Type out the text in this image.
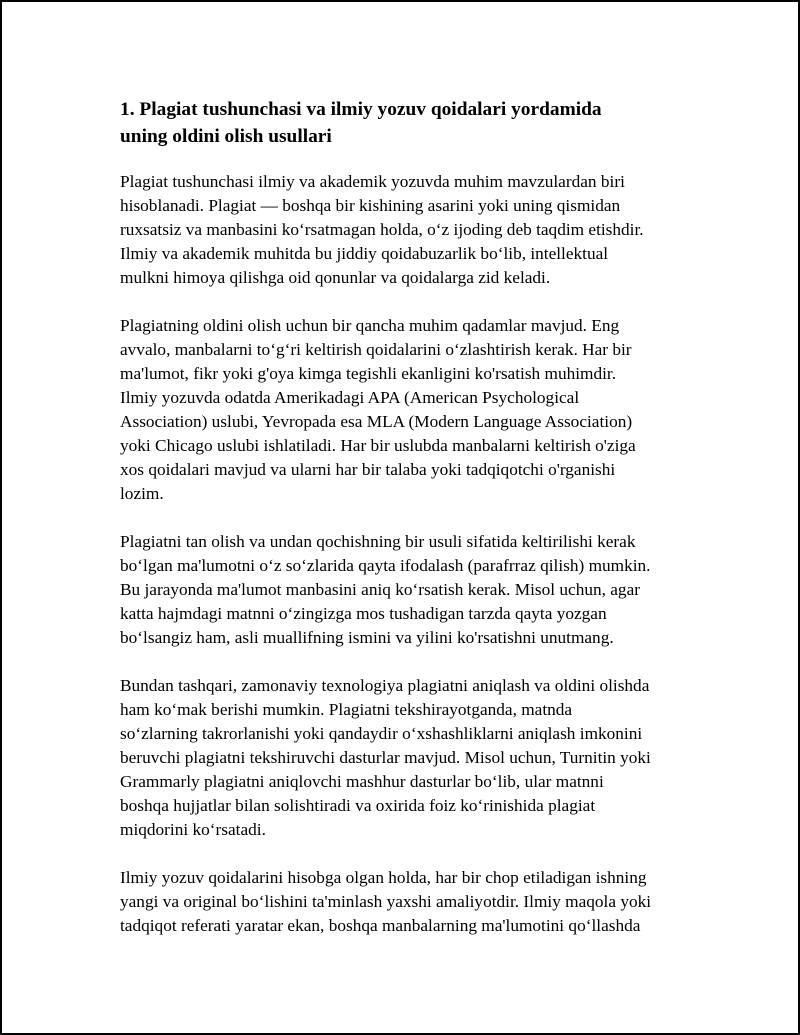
1. Plagiat tushunchasi va ilmiy yozuv qoidalari yordamida
uning oldini olish usullari

Plagiat tushunchasi ilmiy va akademik yozuvda muhim mavzulardan biri
hisoblanadi. Plagiat — boshqa bir kishining asarini yoki uning qismidan
ruxsatsiz va manbasini koʻrsatmagan holda, oʻz ijoding deb taqdim etishdir.
Ilmiy va akademik muhitda bu jiddiy qoidabuzarlik boʻlib, intellektual
mulkni himoya qilishga oid qonunlar va qoidalarga zid keladi.

Plagiatning oldini olish uchun bir qancha muhim qadamlar mavjud. Eng
avvalo, manbalarni toʻgʻri keltirish qoidalarini oʻzlashtirish kerak. Har bir
ma'lumot, fikr yoki g'oya kimga tegishli ekanligini ko'rsatish muhimdir.
Ilmiy yozuvda odatda Amerikadagi APA (American Psychological
Association) uslubi, Yevropada esa MLA (Modern Language Association)
yoki Chicago uslubi ishlatiladi. Har bir uslubda manbalarni keltirish o'ziga
xos qoidalari mavjud va ularni har bir talaba yoki tadqiqotchi o'rganishi
lozim.

Plagiatni tan olish va undan qochishning bir usuli sifatida keltirilishi kerak
boʻlgan ma'lumotni oʻz soʻzlarida qayta ifodalash (parafrraz qilish) mumkin.
Bu jarayonda ma'lumot manbasini aniq koʻrsatish kerak. Misol uchun, agar
katta hajmdagi matnni oʻzingizga mos tushadigan tarzda qayta yozgan
boʻlsangiz ham, asli muallifning ismini va yilini ko'rsatishni unutmang.

Bundan tashqari, zamonaviy texnologiya plagiatni aniqlash va oldini olishda
ham koʻmak berishi mumkin. Plagiatni tekshirayotganda, matnda
soʻzlarning takrorlanishi yoki qandaydir oʻxshashliklarni aniqlash imkonini
beruvchi plagiatni tekshiruvchi dasturlar mavjud. Misol uchun, Turnitin yoki
Grammarly plagiatni aniqlovchi mashhur dasturlar boʻlib, ular matnni
boshqa hujjatlar bilan solishtiradi va oxirida foiz koʻrinishida plagiat
miqdorini koʻrsatadi.

Ilmiy yozuv qoidalarini hisobga olgan holda, har bir chop etiladigan ishning
yangi va original boʻlishini ta'minlash yaxshi amaliyotdir. Ilmiy maqola yoki
tadqiqot referati yaratar ekan, boshqa manbalarning ma'lumotini qoʻllashda
